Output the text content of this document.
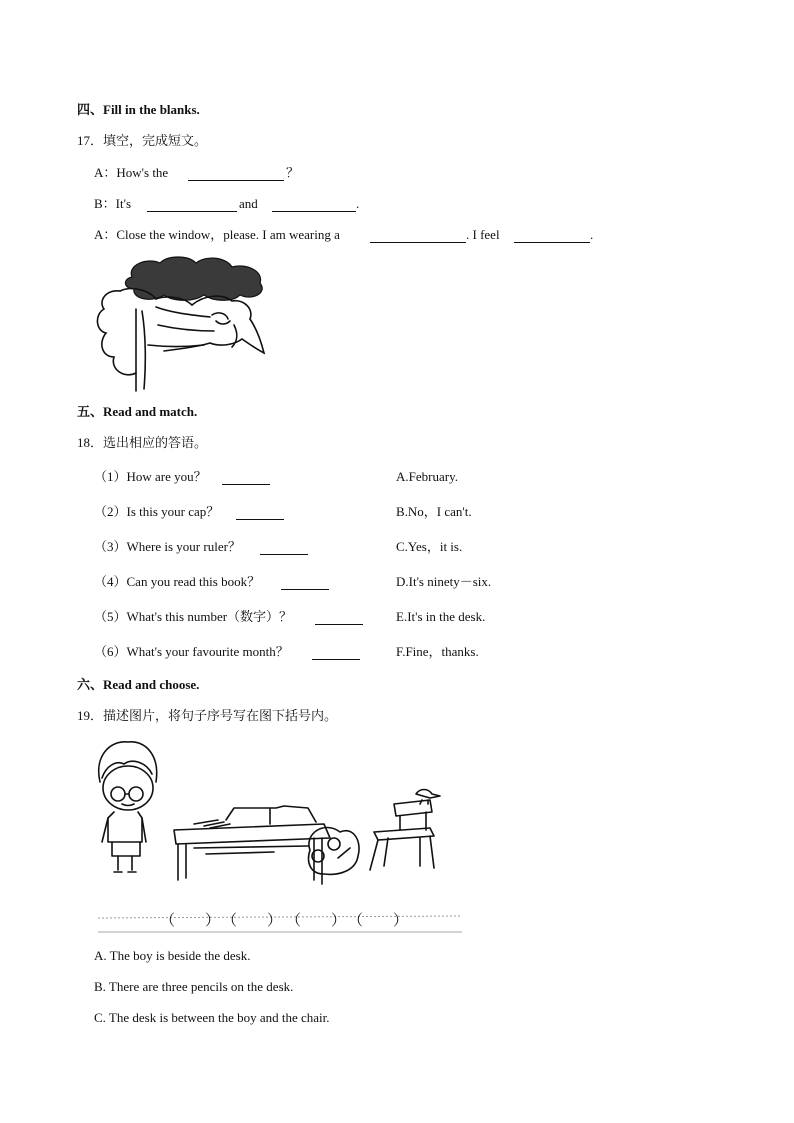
四、Fill in the blanks.
17．填空，完成短文。
A：How's the	？
B：It's	and	.
A：Close the window，please. I am wearing a	. I feel	.
五、Read and match.
18．选出相应的答语。
（1）How are you？	A.February.
（2）Is this your cap？	B.No，I can't.
（3）Where is your ruler？	C.Yes，it is.
（4）Can you read this book？	D.It's ninety－six.
（5）What's this number（数字）？	E.It's in the desk.
（6）What's your favourite month？	F.Fine，thanks.
六、Read and choose.
19．描述图片，将句子序号写在图下括号内。
（　　） （　　） （　　） （　　）
A. The boy is beside the desk.
B. There are three pencils on the desk.
C. The desk is between the boy and the chair.
